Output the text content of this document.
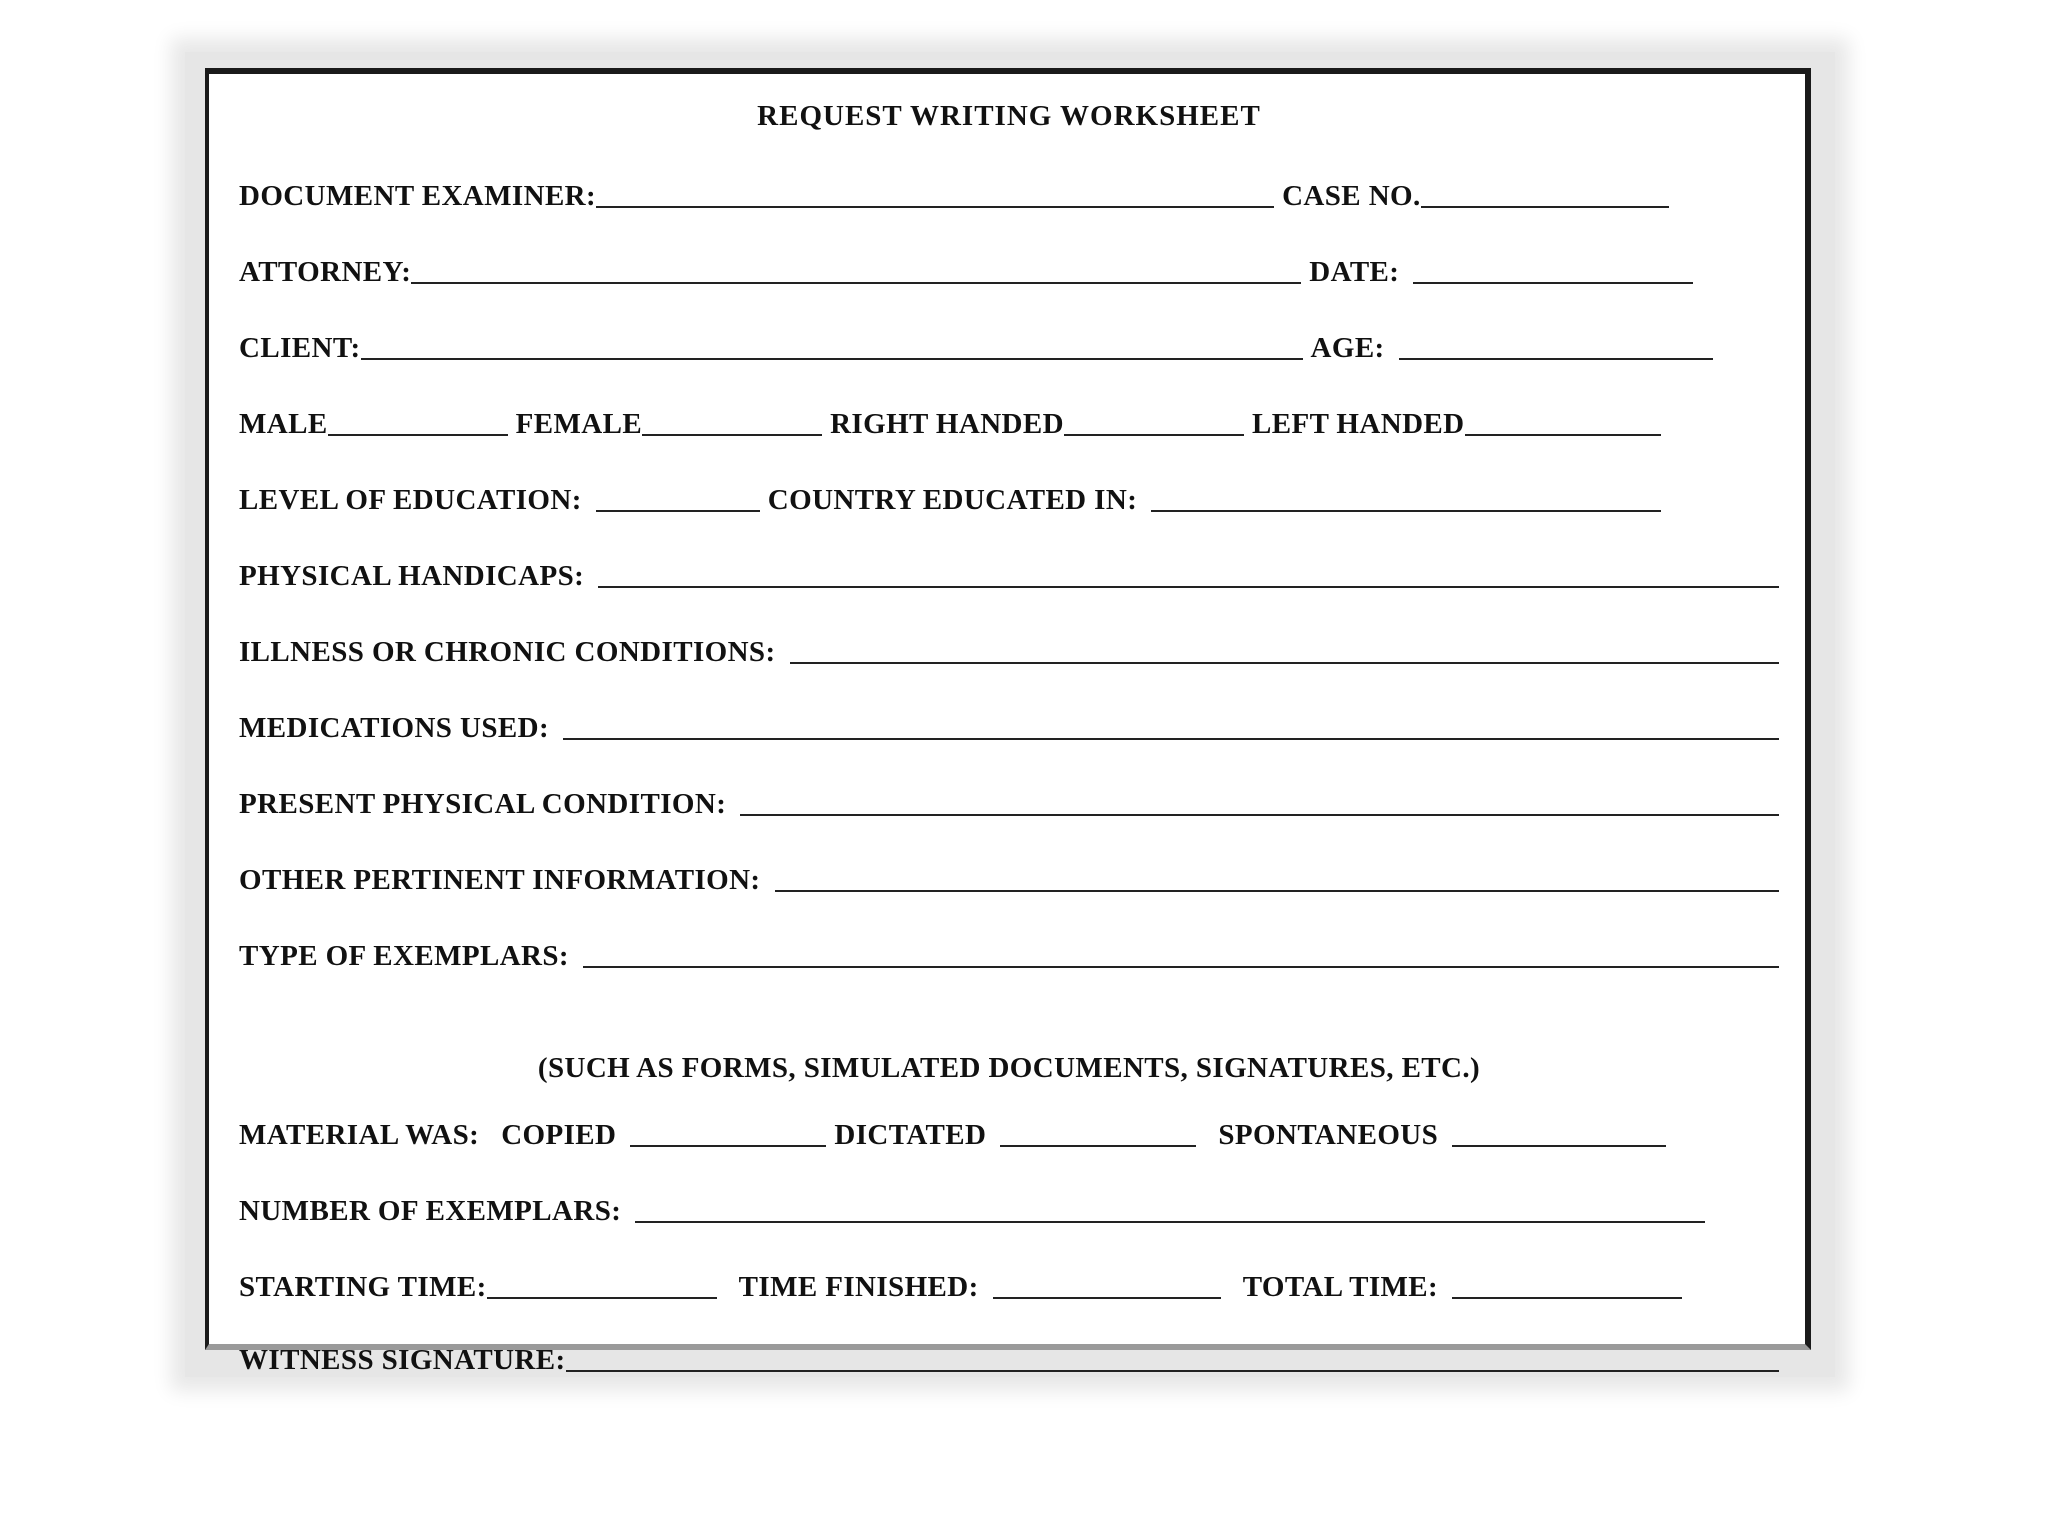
REQUEST WRITING WORKSHEET
DOCUMENT EXAMINER:	CASE NO.
ATTORNEY:	DATE:
CLIENT:	AGE:
MALE	FEMALE	RIGHT HANDED	LEFT HANDED
LEVEL OF EDUCATION:	COUNTRY EDUCATED IN:
PHYSICAL HANDICAPS:
ILLNESS OR CHRONIC CONDITIONS:
MEDICATIONS USED:
PRESENT PHYSICAL CONDITION:
OTHER PERTINENT INFORMATION:
TYPE OF EXEMPLARS:
(SUCH AS FORMS, SIMULATED DOCUMENTS, SIGNATURES, ETC.)
MATERIAL WAS: COPIED	DICTATED	SPONTANEOUS
NUMBER OF EXEMPLARS:
STARTING TIME:	TIME FINISHED:	TOTAL TIME:
WITNESS SIGNATURE:
